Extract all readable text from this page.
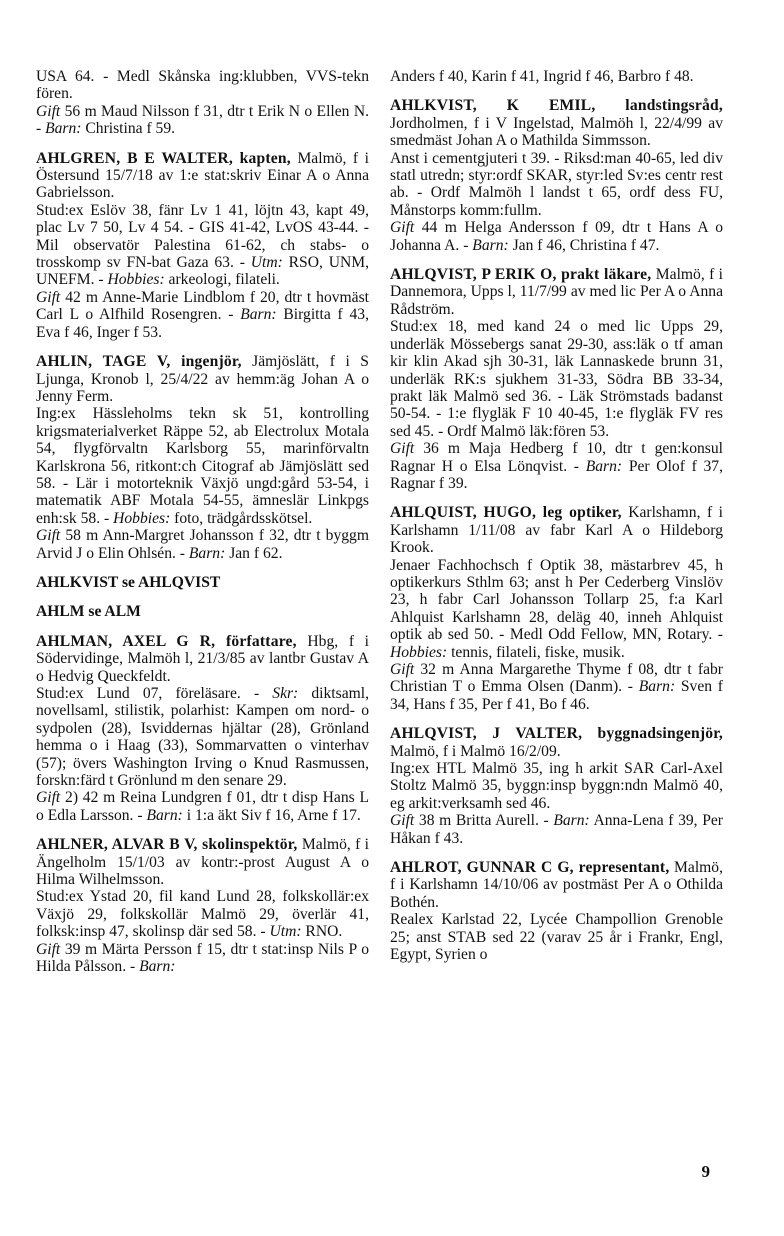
USA 64. - Medl Skånska ing:klubben, VVS-tekn fören.
Gift 56 m Maud Nilsson f 31, dtr t Erik N o Ellen N. - Barn: Christina f 59.

AHLGREN, B E WALTER, kapten, Malmö, f i Östersund 15/7/18 av 1:e stat:skriv Einar A o Anna Gabrielsson.
Stud:ex Eslöv 38, fänr Lv 1 41, löjtn 43, kapt 49, plac Lv 7 50, Lv 4 54. - GIS 41-42, LvOS 43-44. - Mil observatör Palestina 61-62, ch stabs- o trosskomp sv FN-bat Gaza 63. - Utm: RSO, UNM, UNEFM. - Hobbies: arkeologi, filateli.
Gift 42 m Anne-Marie Lindblom f 20, dtr t hovmäst Carl L o Alfhild Rosengren. - Barn: Birgitta f 43, Eva f 46, Inger f 53.

AHLIN, TAGE V, ingenjör, Jämjöslätt, f i S Ljunga, Kronob l, 25/4/22 av hemm:äg Johan A o Jenny Ferm.
Ing:ex Hässleholms tekn sk 51, kontrolling krigsmaterialverket Räppe 52, ab Electrolux Motala 54, flygförvaltn Karlsborg 55, marinförvaltn Karlskrona 56, ritkont:ch Citograf ab Jämjöslätt sed 58. - Lär i motorteknik Växjö ungd:gård 53-54, i matematik ABF Motala 54-55, ämneslär Linkpgs enh:sk 58. - Hobbies: foto, trädgårdsskötsel.
Gift 58 m Ann-Margret Johansson f 32, dtr t byggm Arvid J o Elin Ohlsén. - Barn: Jan f 62.

AHLKVIST se AHLQVIST

AHLM se ALM

AHLMAN, AXEL G R, författare, Hbg, f i Södervidinge, Malmöh l, 21/3/85 av lantbr Gustav A o Hedvig Queckfeldt.
Stud:ex Lund 07, föreläsare. - Skr: diktsaml, novellsaml, stilistik, polarhist: Kampen om nord- o sydpolen (28), Isviddernas hjältar (28), Grönland hemma o i Haag (33), Sommarvatten o vinterhav (57); övers Washington Irving o Knud Rasmussen, forskn:färd t Grönlund m den senare 29.
Gift 2) 42 m Reina Lundgren f 01, dtr t disp Hans L o Edla Larsson. - Barn: i 1:a äkt Siv f 16, Arne f 17.

AHLNER, ALVAR B V, skolinspektör, Malmö, f i Ängelholm 15/1/03 av kontr:-prost August A o Hilma Wilhelmsson.
Stud:ex Ystad 20, fil kand Lund 28, folkskollär:ex Växjö 29, folkskollär Malmö 29, överlär 41, folksk:insp 47, skolinsp där sed 58. - Utm: RNO.
Gift 39 m Märta Persson f 15, dtr t stat:insp Nils P o Hilda Pålsson. - Barn:

Anders f 40, Karin f 41, Ingrid f 46, Barbro f 48.

AHLKVIST, K EMIL, landstingsråd, Jordholmen, f i V Ingelstad, Malmöh l, 22/4/99 av smedmäst Johan A o Mathilda Simmsson.
Anst i cementgjuteri t 39. - Riksd:man 40-65, led div statl utredn; styr:ordf SKAR, styr:led Sv:es centr rest ab. - Ordf Malmöh l landst t 65, ordf dess FU, Månstorps komm:fullm.
Gift 44 m Helga Andersson f 09, dtr t Hans A o Johanna A. - Barn: Jan f 46, Christina f 47.

AHLQVIST, P ERIK O, prakt läkare, Malmö, f i Dannemora, Upps l, 11/7/99 av med lic Per A o Anna Rådström.
Stud:ex 18, med kand 24 o med lic Upps 29, underläk Mössebergs sanat 29-30, ass:läk o tf aman kir klin Akad sjh 30-31, läk Lannaskede brunn 31, underläk RK:s sjukhem 31-33, Södra BB 33-34, prakt läk Malmö sed 36. - Läk Strömstads badanst 50-54. - 1:e flygläk F 10 40-45, 1:e flygläk FV res sed 45. - Ordf Malmö läk:fören 53.
Gift 36 m Maja Hedberg f 10, dtr t gen:konsul Ragnar H o Elsa Lönqvist. - Barn: Per Olof f 37, Ragnar f 39.

AHLQUIST, HUGO, leg optiker, Karlshamn, f i Karlshamn 1/11/08 av fabr Karl A o Hildeborg Krook.
Jenaer Fachhochsch f Optik 38, mästarbrev 45, h optikerkurs Sthlm 63; anst h Per Cederberg Vinslöv 23, h fabr Carl Johansson Tollarp 25, f:a Karl Ahlquist Karlshamn 28, deläg 40, inneh Ahlquist optik ab sed 50. - Medl Odd Fellow, MN, Rotary. - Hobbies: tennis, filateli, fiske, musik.
Gift 32 m Anna Margarethe Thyme f 08, dtr t fabr Christian T o Emma Olsen (Danm). - Barn: Sven f 34, Hans f 35, Per f 41, Bo f 46.

AHLQVIST, J VALTER, byggnadsingenjör, Malmö, f i Malmö 16/2/09.
Ing:ex HTL Malmö 35, ing h arkit SAR Carl-Axel Stoltz Malmö 35, byggn:insp byggn:ndn Malmö 40, eg arkit:verksamh sed 46.
Gift 38 m Britta Aurell. - Barn: Anna-Lena f 39, Per Håkan f 43.

AHLROT, GUNNAR C G, representant, Malmö, f i Karlshamn 14/10/06 av postmäst Per A o Othilda Bothén.
Realex Karlstad 22, Lycée Champollion Grenoble 25; anst STAB sed 22 (varav 25 år i Frankr, Engl, Egypt, Syrien o

9
